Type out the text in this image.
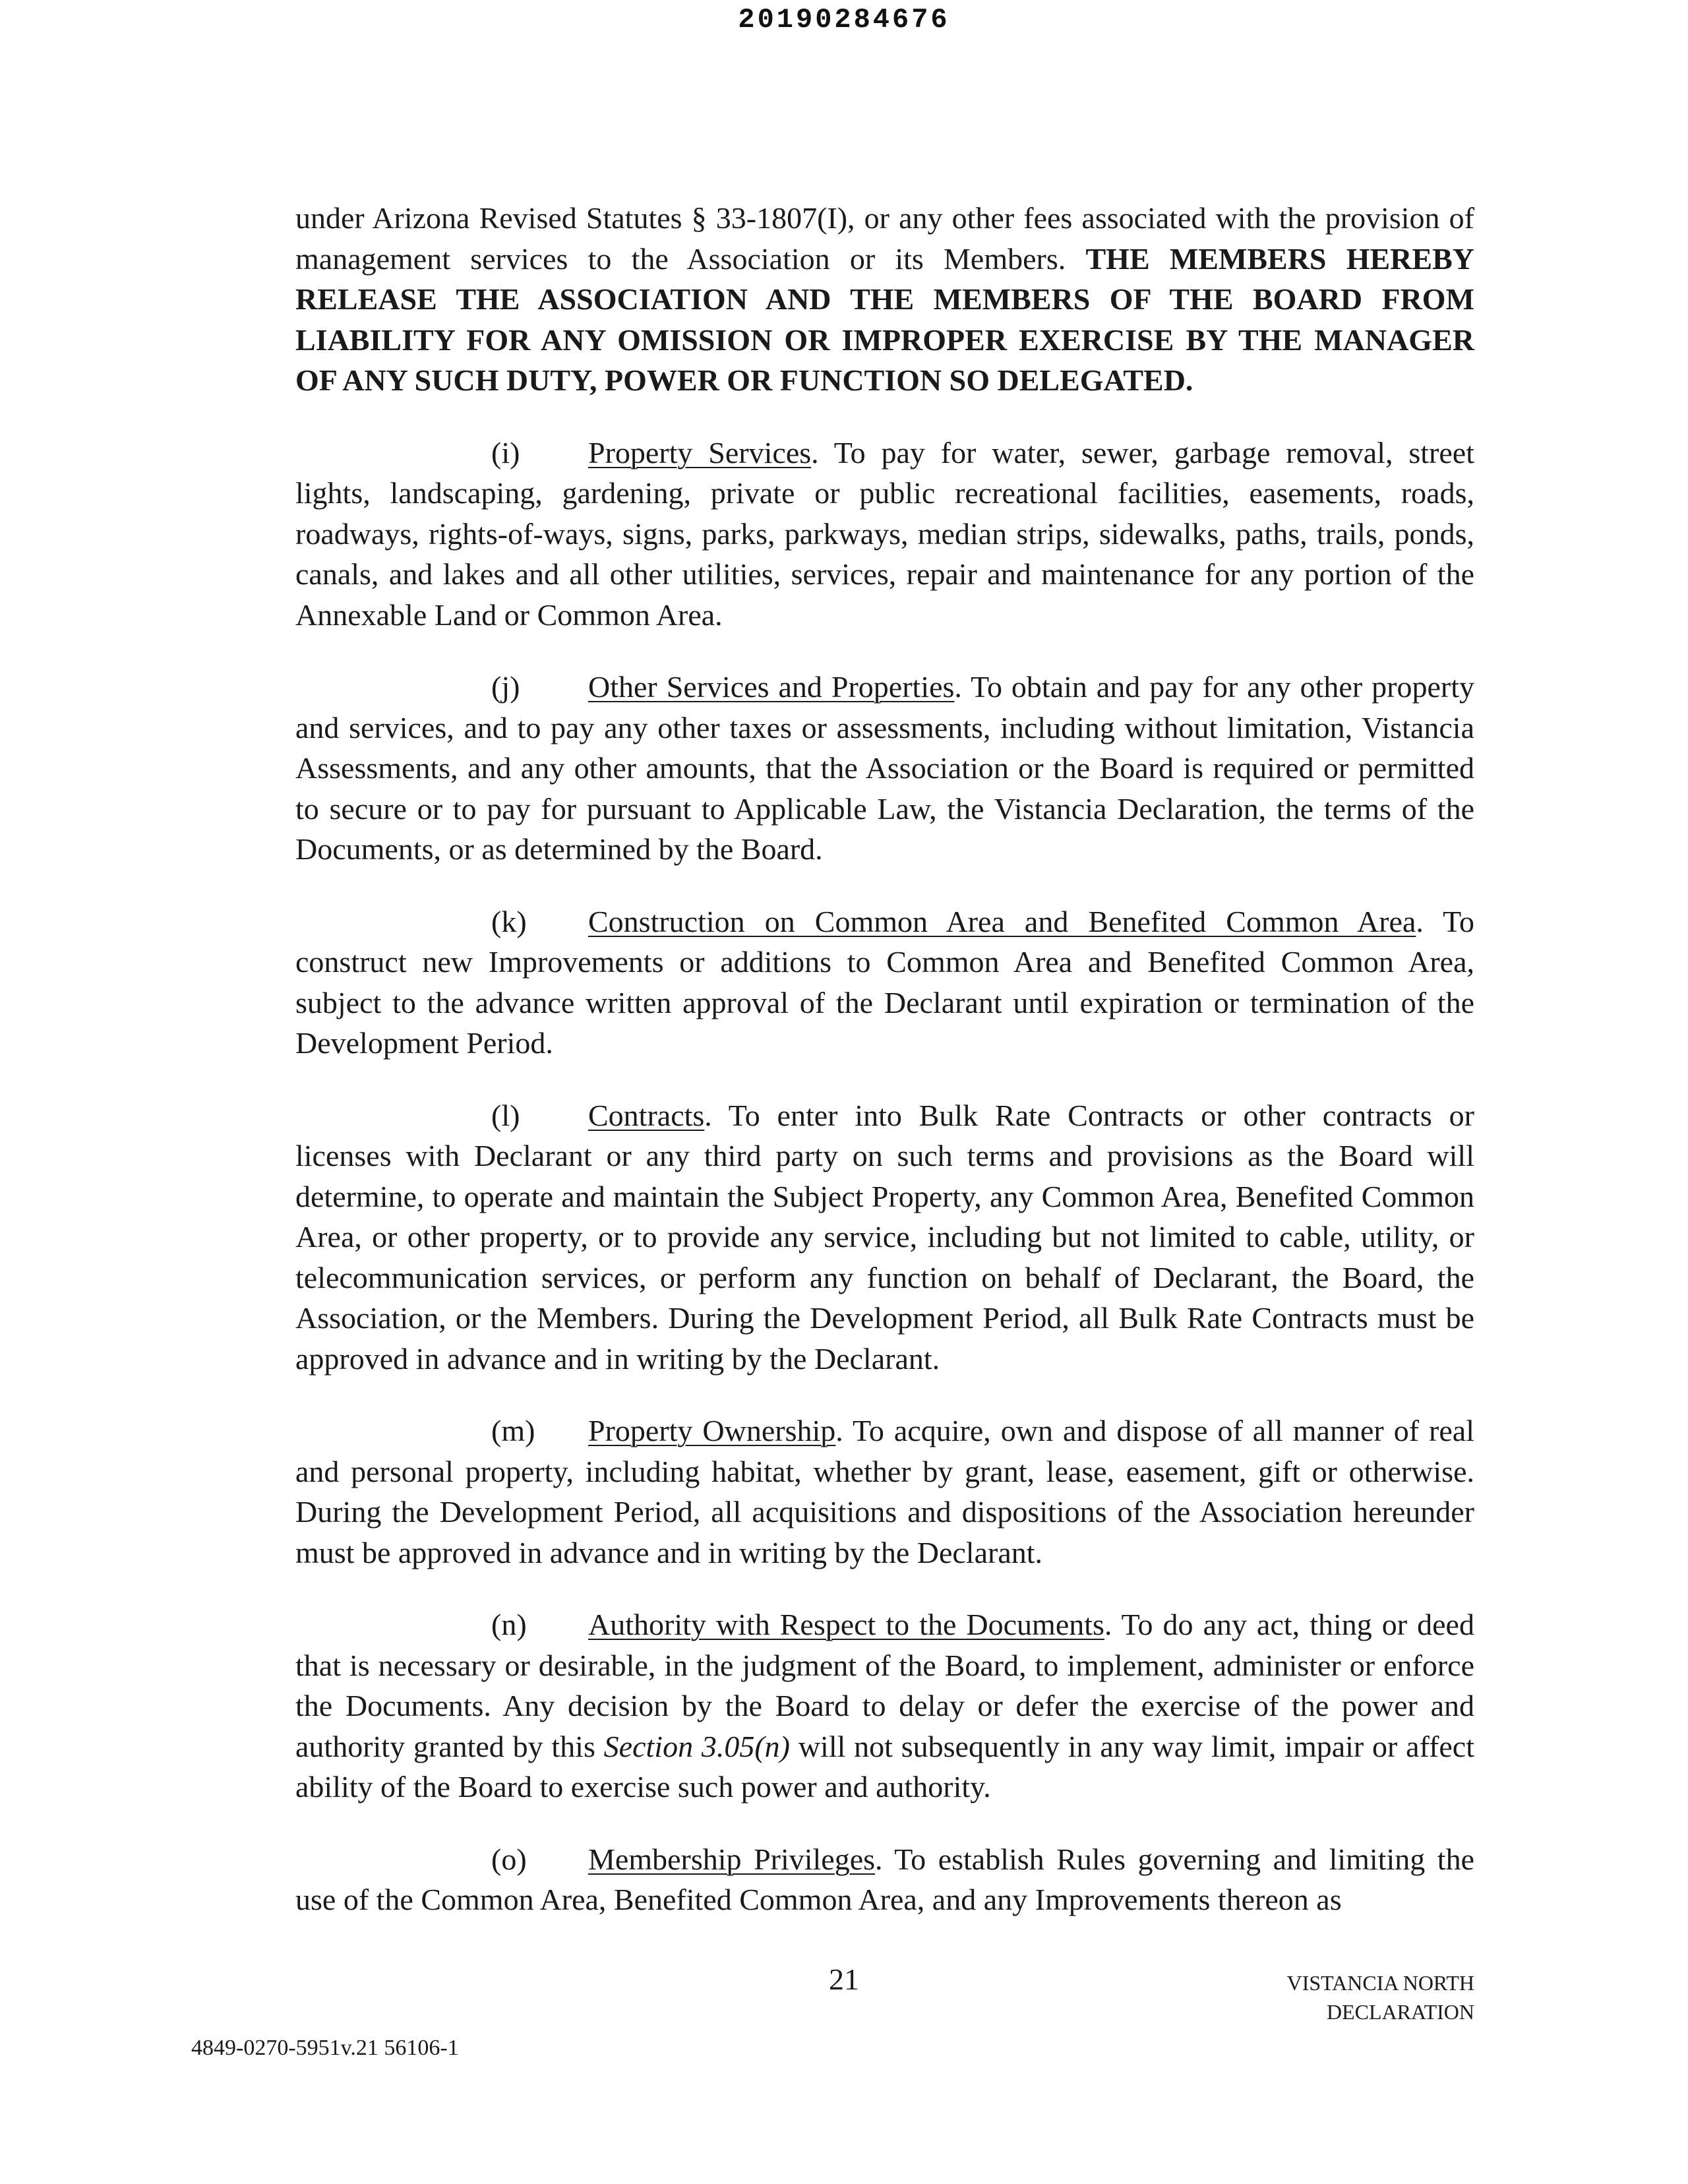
20190284676

under Arizona Revised Statutes § 33-1807(I), or any other fees associated with the provision of management services to the Association or its Members. THE MEMBERS HEREBY RELEASE THE ASSOCIATION AND THE MEMBERS OF THE BOARD FROM LIABILITY FOR ANY OMISSION OR IMPROPER EXERCISE BY THE MANAGER OF ANY SUCH DUTY, POWER OR FUNCTION SO DELEGATED.

(i) Property Services. To pay for water, sewer, garbage removal, street lights, landscaping, gardening, private or public recreational facilities, easements, roads, roadways, rights-of-ways, signs, parks, parkways, median strips, sidewalks, paths, trails, ponds, canals, and lakes and all other utilities, services, repair and maintenance for any portion of the Annexable Land or Common Area.

(j) Other Services and Properties. To obtain and pay for any other property and services, and to pay any other taxes or assessments, including without limitation, Vistancia Assessments, and any other amounts, that the Association or the Board is required or permitted to secure or to pay for pursuant to Applicable Law, the Vistancia Declaration, the terms of the Documents, or as determined by the Board.

(k) Construction on Common Area and Benefited Common Area. To construct new Improvements or additions to Common Area and Benefited Common Area, subject to the advance written approval of the Declarant until expiration or termination of the Development Period.

(l) Contracts. To enter into Bulk Rate Contracts or other contracts or licenses with Declarant or any third party on such terms and provisions as the Board will determine, to operate and maintain the Subject Property, any Common Area, Benefited Common Area, or other property, or to provide any service, including but not limited to cable, utility, or telecommunication services, or perform any function on behalf of Declarant, the Board, the Association, or the Members. During the Development Period, all Bulk Rate Contracts must be approved in advance and in writing by the Declarant.

(m) Property Ownership. To acquire, own and dispose of all manner of real and personal property, including habitat, whether by grant, lease, easement, gift or otherwise. During the Development Period, all acquisitions and dispositions of the Association hereunder must be approved in advance and in writing by the Declarant.

(n) Authority with Respect to the Documents. To do any act, thing or deed that is necessary or desirable, in the judgment of the Board, to implement, administer or enforce the Documents. Any decision by the Board to delay or defer the exercise of the power and authority granted by this Section 3.05(n) will not subsequently in any way limit, impair or affect ability of the Board to exercise such power and authority.

(o) Membership Privileges. To establish Rules governing and limiting the use of the Common Area, Benefited Common Area, and any Improvements thereon as

21	VISTANCIA NORTH
DECLARATION
4849-0270-5951v.21 56106-1
